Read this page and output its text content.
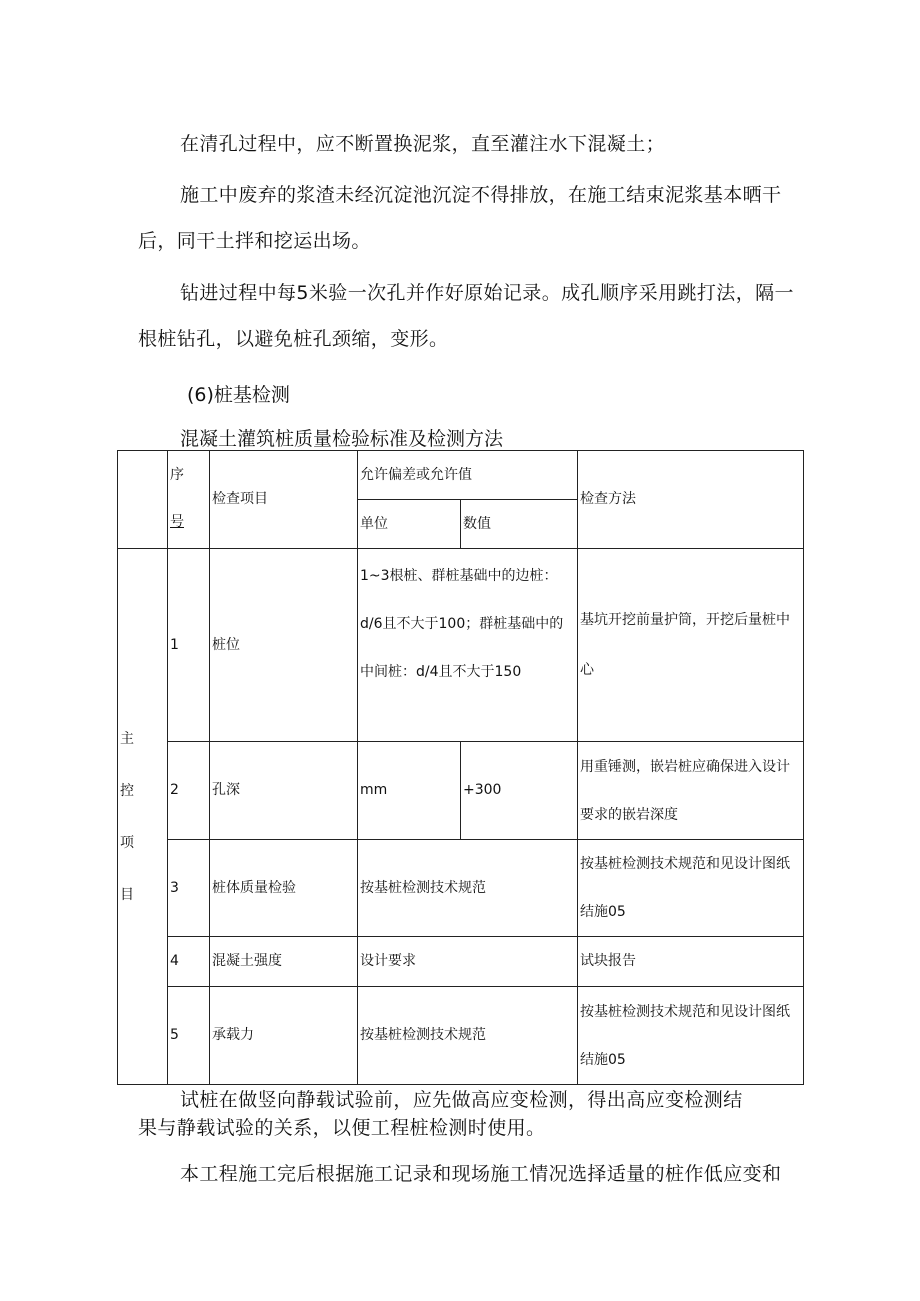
在清孔过程中，应不断置换泥浆，直至灌注水下混凝土；

施工中废弃的浆渣未经沉淀池沉淀不得排放，在施工结束泥浆基本晒干后，同干土拌和挖运出场。

钻进过程中每5米验一次孔并作好原始记录。成孔顺序采用跳打法，隔一根桩钻孔，以避免桩孔颈缩，变形。

(6)桩基检测

混凝土灌筑桩质量检验标准及检测方法

	序
号	检查项目	允许偏差或允许值		检查方法
			单位	数值	

主
控
项
目	1	桩位	1~3根桩、群桩基础中的边桩：d/6且不大于100；群桩基础中的中间桩：d/4且不大于150		基坑开挖前量护筒，开挖后量桩中心
	2	孔深	mm	+300	用重锤测，嵌岩桩应确保进入设计要求的嵌岩深度
	3	桩体质量检验	按基桩检测技术规范		按基桩检测技术规范和见设计图纸结施05
	4	混凝土强度	设计要求		试块报告
	5	承载力	按基桩检测技术规范		按基桩检测技术规范和见设计图纸结施05

试桩在做竖向静载试验前，应先做高应变检测，得出高应变检测结果与静载试验的关系，以便工程桩检测时使用。

本工程施工完后根据施工记录和现场施工情况选择适量的桩作低应变和
